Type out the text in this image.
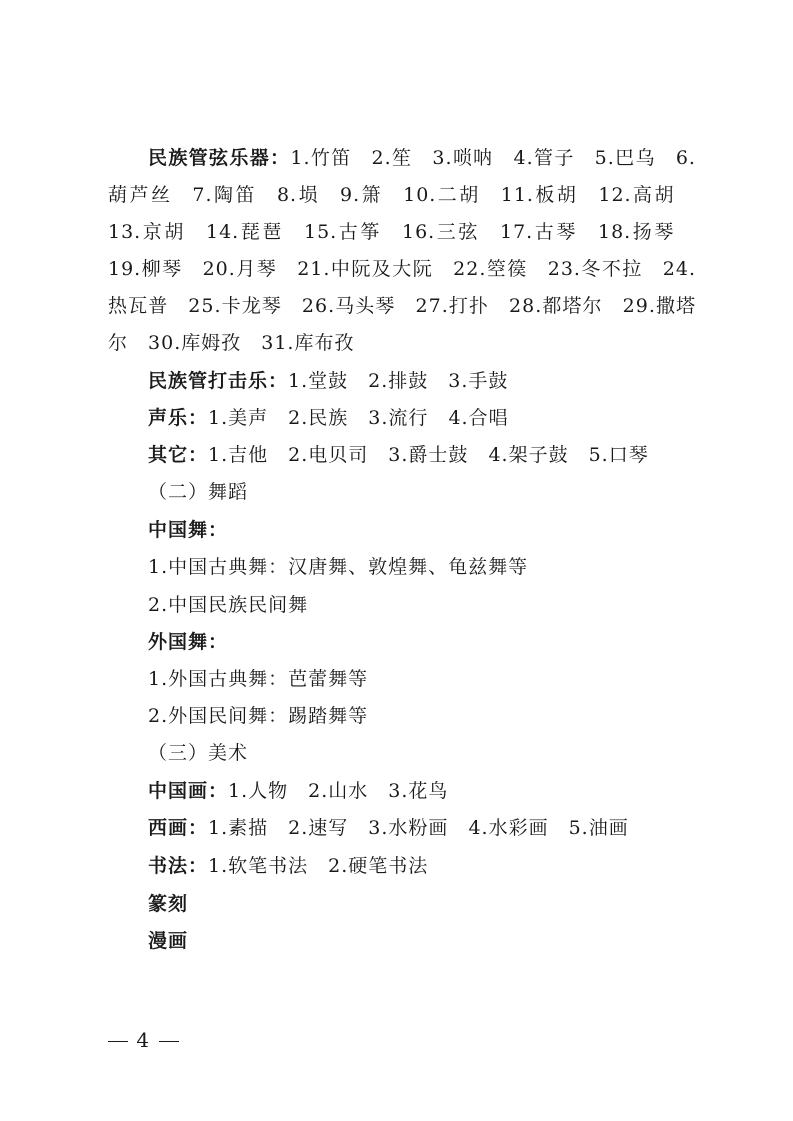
民族管弦乐器：1.竹笛 2.笙 3.唢呐 4.管子 5.巴乌 6.葫芦丝 7.陶笛 8.埙 9.箫 10.二胡 11.板胡 12.高胡13.京胡 14.琵琶 15.古筝 16.三弦 17.古琴 18.扬琴19.柳琴 20.月琴 21.中阮及大阮 22.箜篌 23.冬不拉 24.热瓦普 25.卡龙琴 26.马头琴 27.打扑 28.都塔尔 29.撒塔尔 30.库姆孜 31.库布孜

民族管打击乐：1.堂鼓 2.排鼓 3.手鼓
声乐：1.美声 2.民族 3.流行 4.合唱
其它：1.吉他 2.电贝司 3.爵士鼓 4.架子鼓 5.口琴
（二）舞蹈
中国舞：
1.中国古典舞：汉唐舞、敦煌舞、龟兹舞等
2.中国民族民间舞
外国舞：
1.外国古典舞：芭蕾舞等
2.外国民间舞：踢踏舞等
（三）美术
中国画：1.人物 2.山水 3.花鸟
西画：1.素描 2.速写 3.水粉画 4.水彩画 5.油画
书法：1.软笔书法 2.硬笔书法
篆刻
漫画
4
